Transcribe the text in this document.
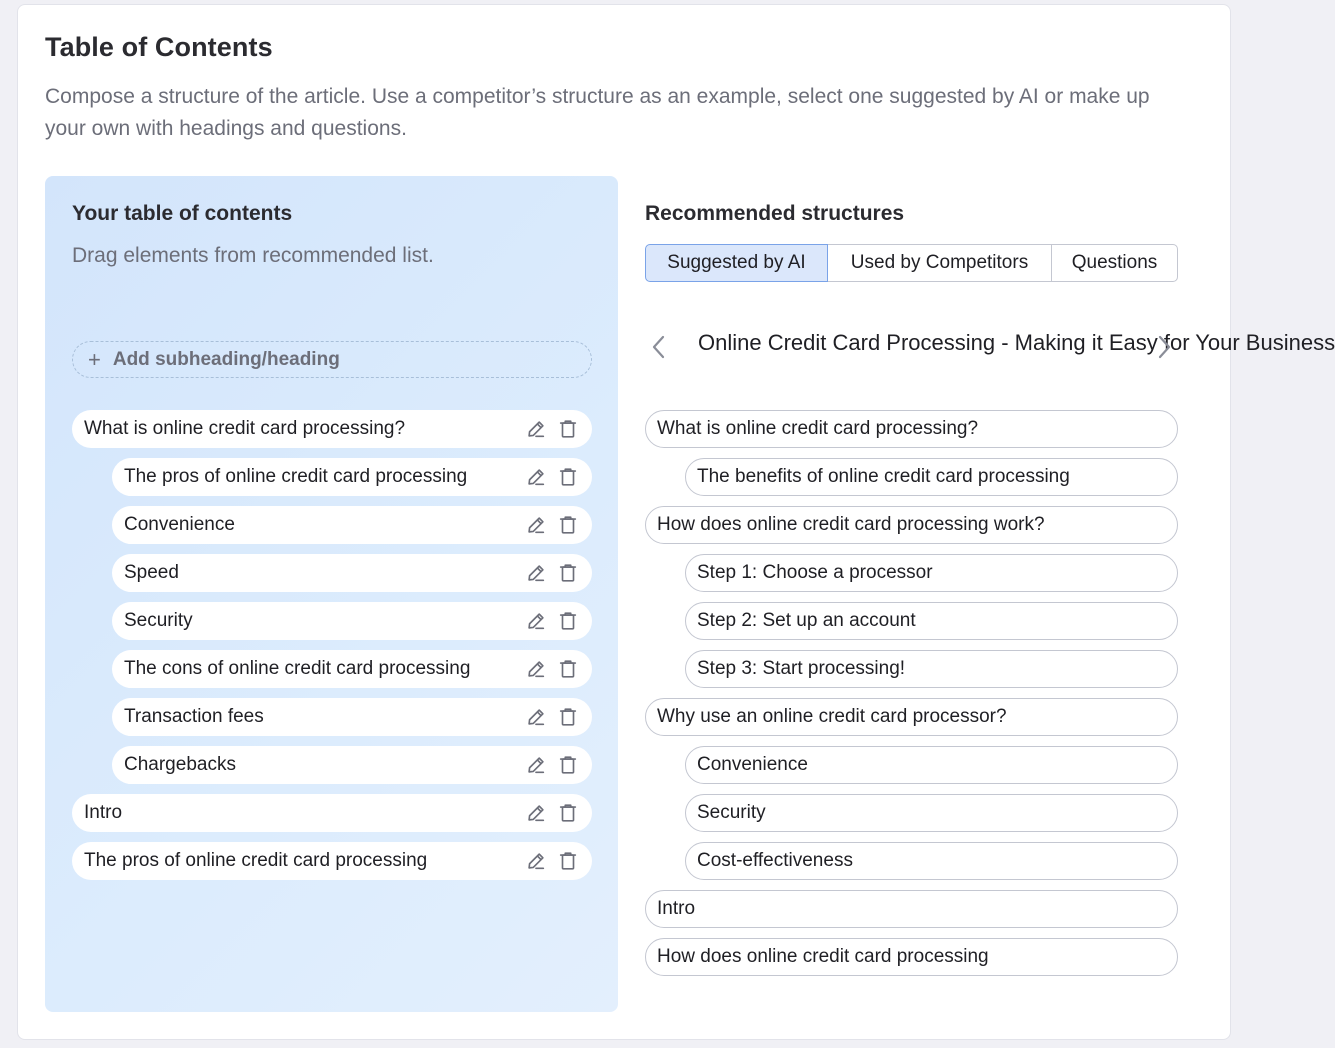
Table of Contents

Compose a structure of the article. Use a competitor’s structure as an example, select one suggested by AI or make up your own with headings and questions.

Your table of contents

Drag elements from recommended list.

+ Add subheading/heading
What is online credit card processing?
The pros of online credit card processing
Convenience
Speed
Security
The cons of online credit card processing
Transaction fees
Chargebacks
Intro
The pros of online credit card processing
Recommended structures
Suggested by AI	Used by Competitors	Questions
Online Credit Card Processing - Making it Easy for Your Business
What is online credit card processing?
The benefits of online credit card processing
How does online credit card processing work?
Step 1: Choose a processor
Step 2: Set up an account
Step 3: Start processing!
Why use an online credit card processor?
Convenience
Security
Cost-effectiveness
Intro
How does online credit card processing
